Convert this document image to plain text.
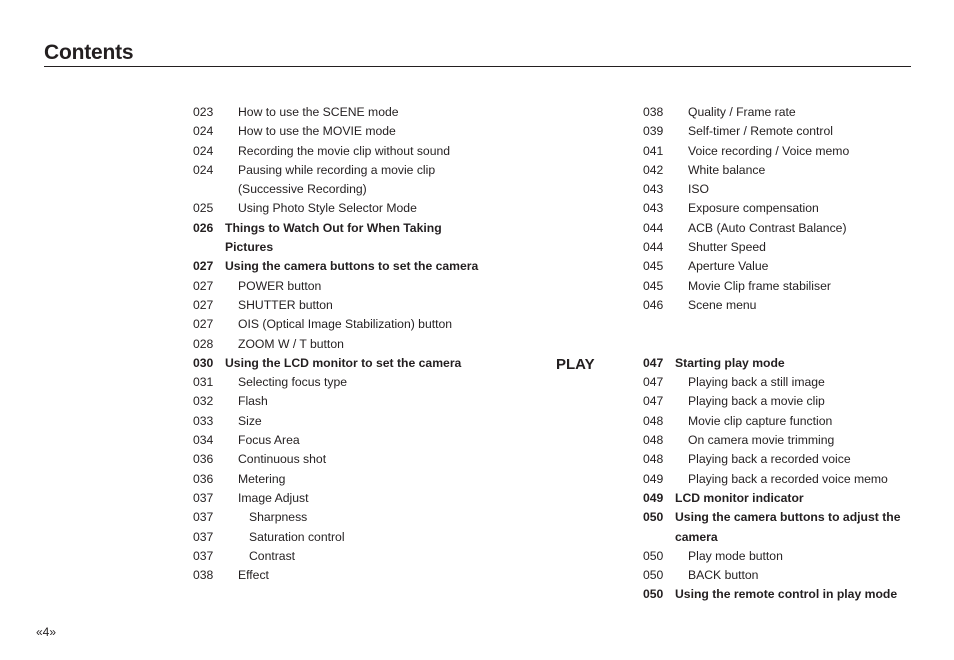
Contents
023	How to use the SCENE mode
024	How to use the MOVIE mode
024	Recording the movie clip without sound
024	Pausing while recording a movie clip (Successive Recording)
025	Using Photo Style Selector Mode
026 Things to Watch Out for When Taking Pictures
027 Using the camera buttons to set the camera
027	POWER button
027	SHUTTER button
027	OIS (Optical Image Stabilization) button
028	ZOOM W / T button
030 Using the LCD monitor to set the camera
031	Selecting focus type
032	Flash
033	Size
034	Focus Area
036	Continuous shot
036	Metering
037	Image Adjust
037	Sharpness
037	Saturation control
037	Contrast
038	Effect
PLAY
038	Quality / Frame rate
039	Self-timer / Remote control
041	Voice recording / Voice memo
042	White balance
043	ISO
043	Exposure compensation
044	ACB (Auto Contrast Balance)
044	Shutter Speed
045	Aperture Value
045	Movie Clip frame stabiliser
046	Scene menu
047 Starting play mode
047	Playing back a still image
047	Playing back a movie clip
048	Movie clip capture function
048	On camera movie trimming
048	Playing back a recorded voice
049	Playing back a recorded voice memo
049 LCD monitor indicator
050 Using the camera buttons to adjust the camera
050	Play mode button
050	BACK button
050 Using the remote control in play mode
«4»
